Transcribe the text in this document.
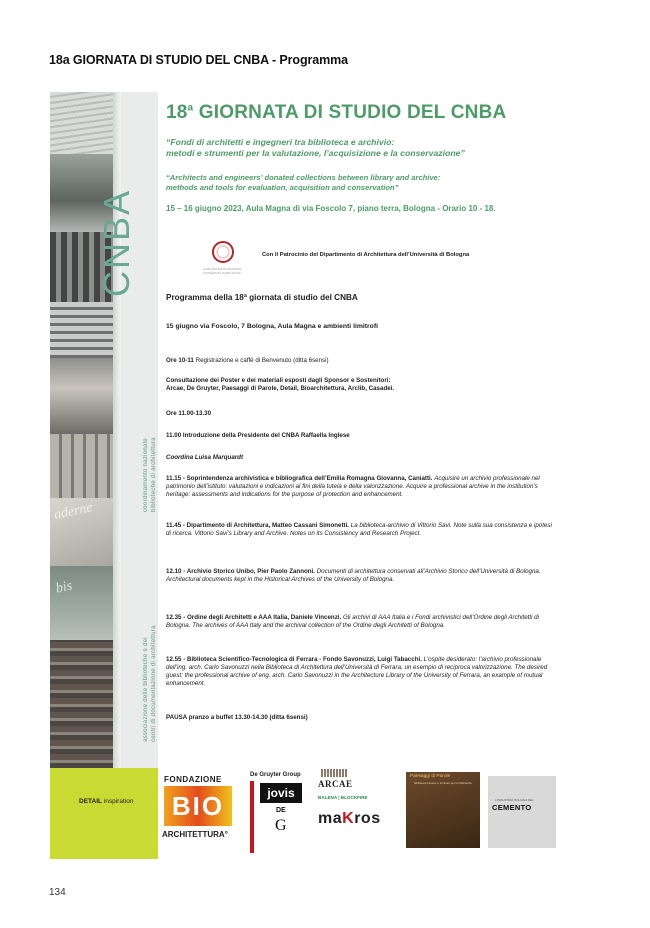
18a GIORNATA DI STUDIO DEL CNBA - Programma
aderne
bis
CNBA
coordinamento nazionale biblioteche di architettura
associazione delle biblioteche e dei centri di documentazione di architettura
DETAIL inspiration
18$^a$ GIORNATA DI STUDIO DEL CNBA
“Fondi di architetti e ingegneri tra biblioteca e archivio:
metodi e strumenti per la valutazione, l’acquisizione e la conservazione”
“Architects and engineers’ donated collections between library and archive:
methods and tools for evaluation, acquisition and conservation”
15 – 16 giugno 2023, Aula Magna di via Foscolo 7, piano terra, Bologna - Orario 10 - 18.
ALMA MATER STUDIORUM UNIVERSITÀ DI BOLOGNA
Con il Patrocinio del Dipartimento di Architettura dell’Università di Bologna
Programma della 18ª giornata di studio del CNBA
15 giugno via Foscolo, 7 Bologna, Aula Magna e ambienti limitrofi
Ore 10-11 Registrazione e caffè di Benvenuto (ditta 6sensi)
Consultazione dei Poster e dei materiali esposti dagli Sponsor e Sostenitori:
Arcae, De Gruyter, Paesaggi di Parole, Detail, Bioarchitettura, Arclib, Casadei.
Ore 11.00-13.30
11.00 Introduzione della Presidente del CNBA Raffaella Inglese
Coordina Luisa Marquardt
11.15 - Soprintendenza archivistica e bibliografica dell’Emilia Romagna Giovanna, Caniatti. Acquisire un archivio professionale nel patrimonio dell’istituto: valutazioni e indicazioni ai fini della tutela e della valorizzazione. Acquire a professional archive in the institution’s heritage: assessments and indications for the purpose of protection and enhancement.
11.45 - Dipartimento di Architettura, Matteo Cassani Simonetti. La biblioteca-archivio di Vittorio Savi. Note sulla sua consistenza e ipotesi di ricerca. Vittorio Savi’s Library and Archive. Notes on its Consistency and Research Project.
12.10 - Archivio Storico Unibo, Pier Paolo Zannoni. Documenti di architettura conservati all’Archivio Storico dell’Università di Bologna. Architectural documents kept in the Historical Archives of the University of Bologna.
12.35 - Ordine degli Architetti e AAA Italia, Daniele Vincenzi. Gli archivi di AAA Italia e i Fondi archivistici dell’Ordine degli Architetti di Bologna. The archives of AAA Italy and the archival collection of the Ordine degli Architetti of Bologna.
12.55 - Biblioteca Scientifico-Tecnologica di Ferrara - Fondo Savonuzzi, Luigi Tabacchi. L’ospite desiderato: l’archivio professionale dell’ing. arch. Carlo Savonuzzi nella Biblioteca di Architettura dell’Università di Ferrara, un esempio di reciproca valorizzazione. The desired guest: the professional archive of eng. arch. Carlo Savonuzzi in the Architecture Library of the University of Ferrara, an example of mutual enhancement.
PAUSA pranzo a buffet 13.30-14.30 (ditta 6sensi)
FONDAZIONE
BIO
ARCHITETTURA°
De Gruyter Group
jovis
DE
G
ARCAE
BALENA | BLOCKFIRE
maKros
Paesaggi di Parole
biblioteca d'autore e forniture per le biblioteche
L'INDUSTRIA ITALIANA DEL
CEMENTO
134
